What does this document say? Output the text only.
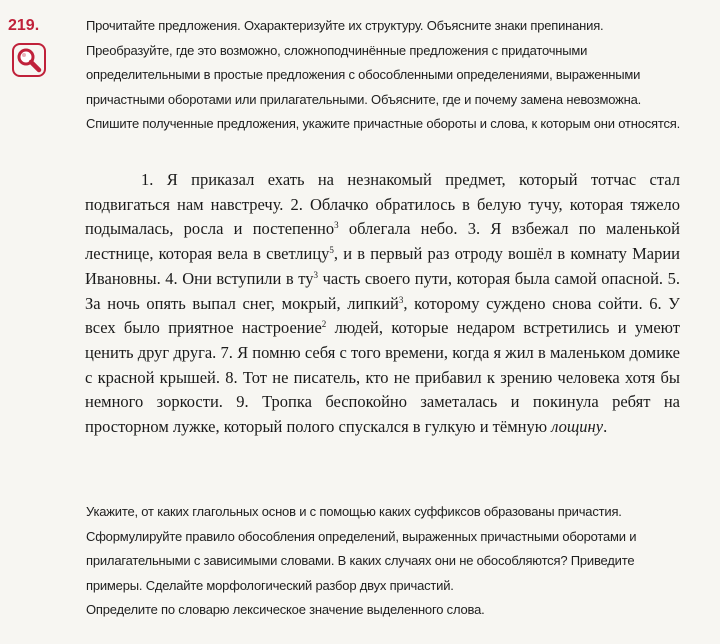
219.	Прочитайте предложения. Охарактеризуйте их структуру. Объясните знаки препинания. Преобразуйте, где это возможно, сложноподчинённые предложения с придаточными определительными в простые предложения с обособленными определениями, выраженными причастными оборотами или прилагательными. Объясните, где и почему замена невозможна. Спишите полученные предложения, укажите причастные обороты и слова, к которым они относятся.

1. Я приказал ехать на незнакомый предмет, который тотчас стал подвигаться нам навстречу. 2. Облачко обратилось в белую тучу, которая тяжело подымалась, росла и постепенно$^3$ облегала небо. 3. Я взбежал по маленькой лестнице, которая вела в светлицу$^5$, и в первый раз отроду вошёл в комнату Марии Ивановны. 4. Они вступили в $ту^3$ часть своего пути, которая была самой опасной. 5. За ночь опять выпал снег, мокрый, липкий$^3$, которому суждено снова сойти. 6. У всех было приятное настроение$^2$ людей, которые недаром встретились и умеют ценить друг друга. 7. Я помню себя с того времени, когда я жил в маленьком домике с красной крышей. 8. Тот не писатель, кто не прибавил к зрению человека хотя бы немного зоркости. 9. Тропка беспокойно заметалась и покинула ребят на просторном лужке, который полого спускался в гулкую и тёмную лощину.

Укажите, от каких глагольных основ и с помощью каких суффиксов образованы причастия. Сформулируйте правило обособления определений, выраженных причастными оборотами и прилагательными с зависимыми словами. В каких случаях они не обособляются? Приведите примеры. Сделайте морфологический разбор двух причастий.

Определите по словарю лексическое значение выделенного слова.
